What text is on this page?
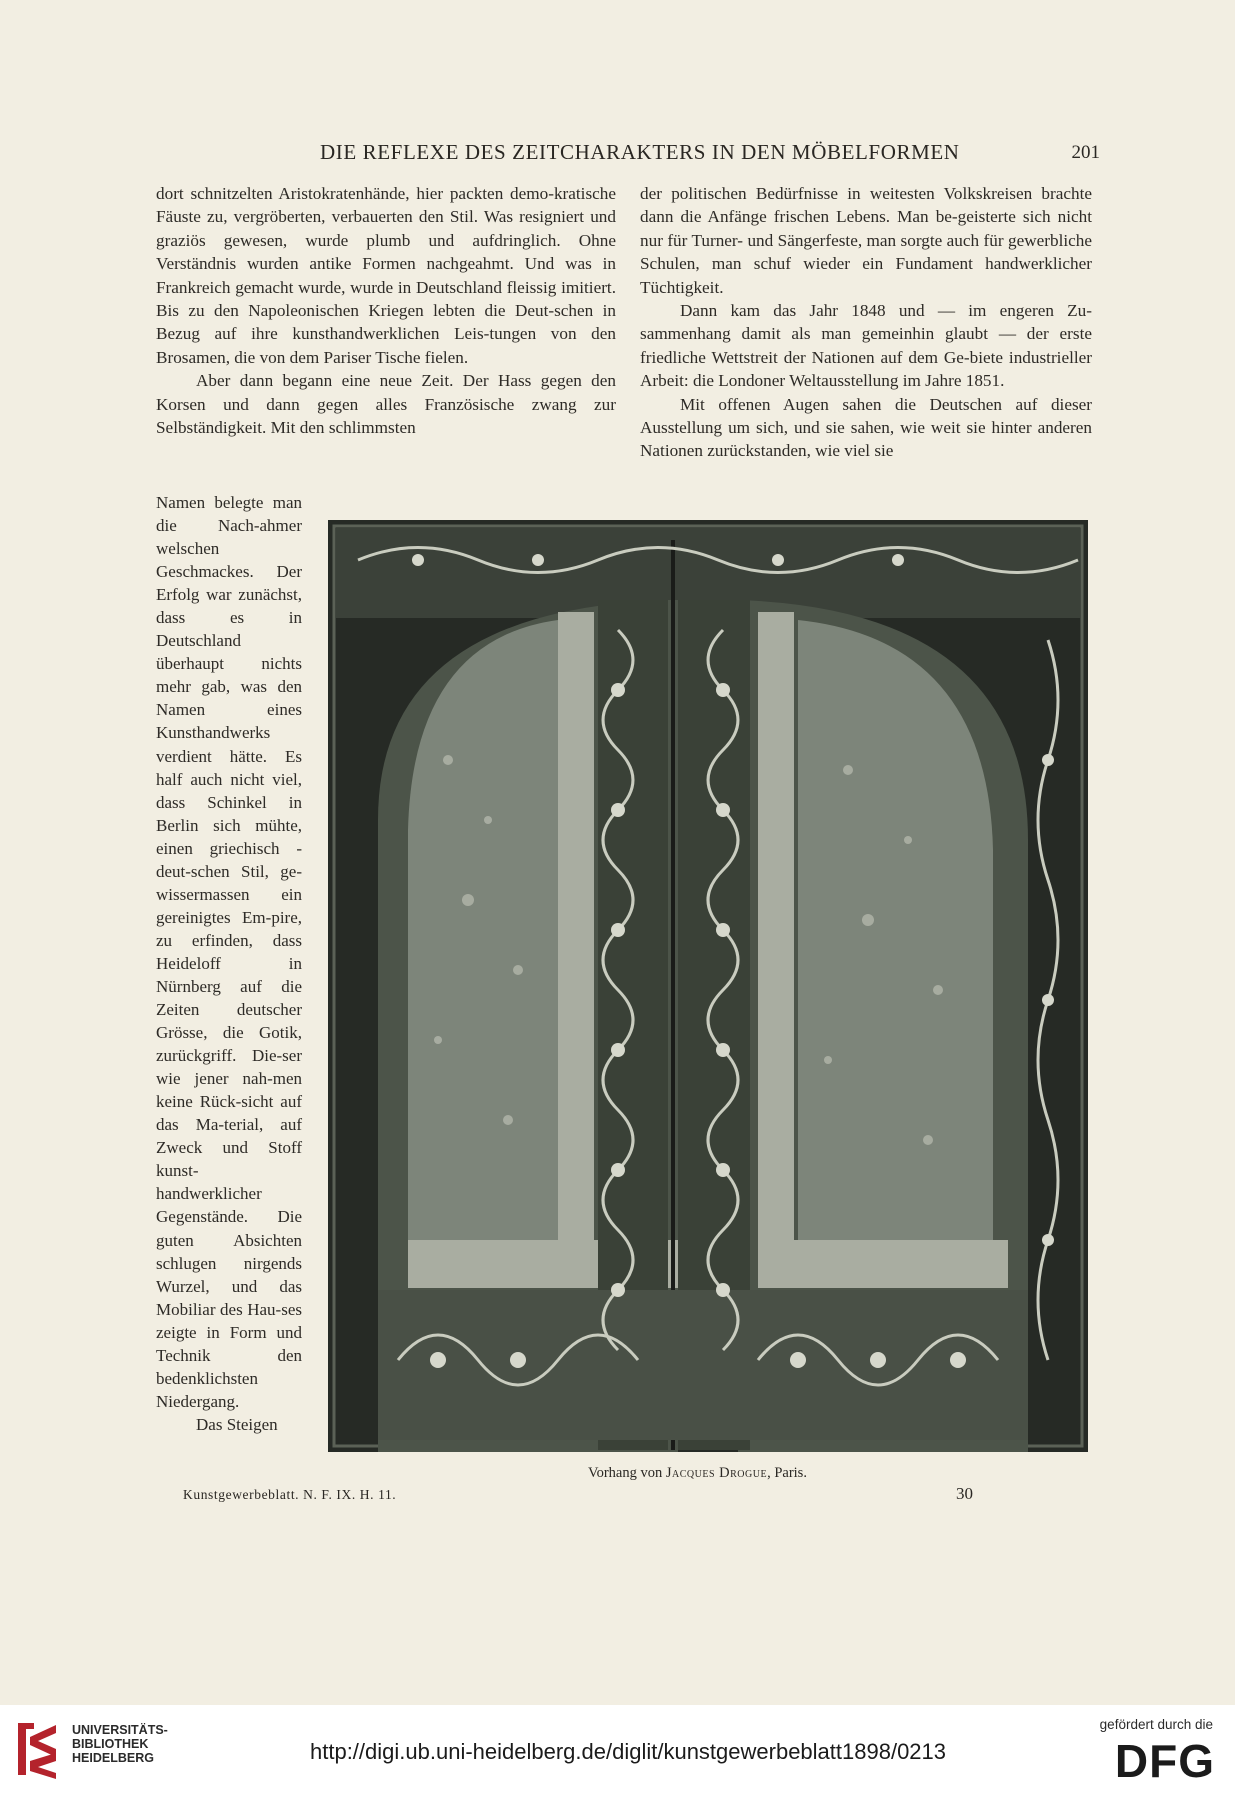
DIE REFLEXE DES ZEITCHARAKTERS IN DEN MÖBELFORMEN	201

dort schnitzelten Aristokratenhände, hier packten demo-kratische Fäuste zu, vergröberten, verbauerten den Stil. Was resigniert und graziös gewesen, wurde plumb und aufdringlich. Ohne Verständnis wurden antike Formen nachgeahmt. Und was in Frankreich gemacht wurde, wurde in Deutschland fleissig imitiert. Bis zu den Napoleonischen Kriegen lebten die Deut-schen in Bezug auf ihre kunsthandwerklichen Leis-tungen von den Brosamen, die von dem Pariser Tische fielen.

Aber dann begann eine neue Zeit. Der Hass gegen den Korsen und dann gegen alles Französische zwang zur Selbständigkeit. Mit den schlimmsten

der politischen Bedürfnisse in weitesten Volkskreisen brachte dann die Anfänge frischen Lebens. Man be-geisterte sich nicht nur für Turner- und Sängerfeste, man sorgte auch für gewerbliche Schulen, man schuf wieder ein Fundament handwerklicher Tüchtigkeit.

Dann kam das Jahr 1848 und — im engeren Zu-sammenhang damit als man gemeinhin glaubt — der erste friedliche Wettstreit der Nationen auf dem Ge-biete industrieller Arbeit: die Londoner Weltausstellung im Jahre 1851.

Mit offenen Augen sahen die Deutschen auf dieser Ausstellung um sich, und sie sahen, wie weit sie hinter anderen Nationen zurückstanden, wie viel sie

Namen belegte man die Nach-ahmer welschen Geschmackes. Der Erfolg war zunächst, dass es in Deutschland überhaupt nichts mehr gab, was den Namen eines Kunsthandwerks verdient hätte. Es half auch nicht viel, dass Schinkel in Berlin sich mühte, einen griechisch - deut-schen Stil, ge-wissermassen ein gereinigtes Em-pire, zu erfinden, dass Heideloff in Nürnberg auf die Zeiten deutscher Grösse, die Gotik, zurückgriff. Die-ser wie jener nah-men keine Rück-sicht auf das Ma-terial, auf Zweck und Stoff kunst-handwerklicher Gegenstände. Die guten Absichten schlugen nirgends Wurzel, und das Mobiliar des Hau-ses zeigte in Form und Technik den bedenklichsten Niedergang.

Das Steigen

Vorhang von Jacques Drogue, Paris.
Kunstgewerbeblatt. N. F. IX. H. 11.	30
UNIVERSITÄTS-
BIBLIOTHEK
HEIDELBERG	http://digi.ub.uni-heidelberg.de/diglit/kunstgewerbeblatt1898/0213
gefördert durch die
DFG
